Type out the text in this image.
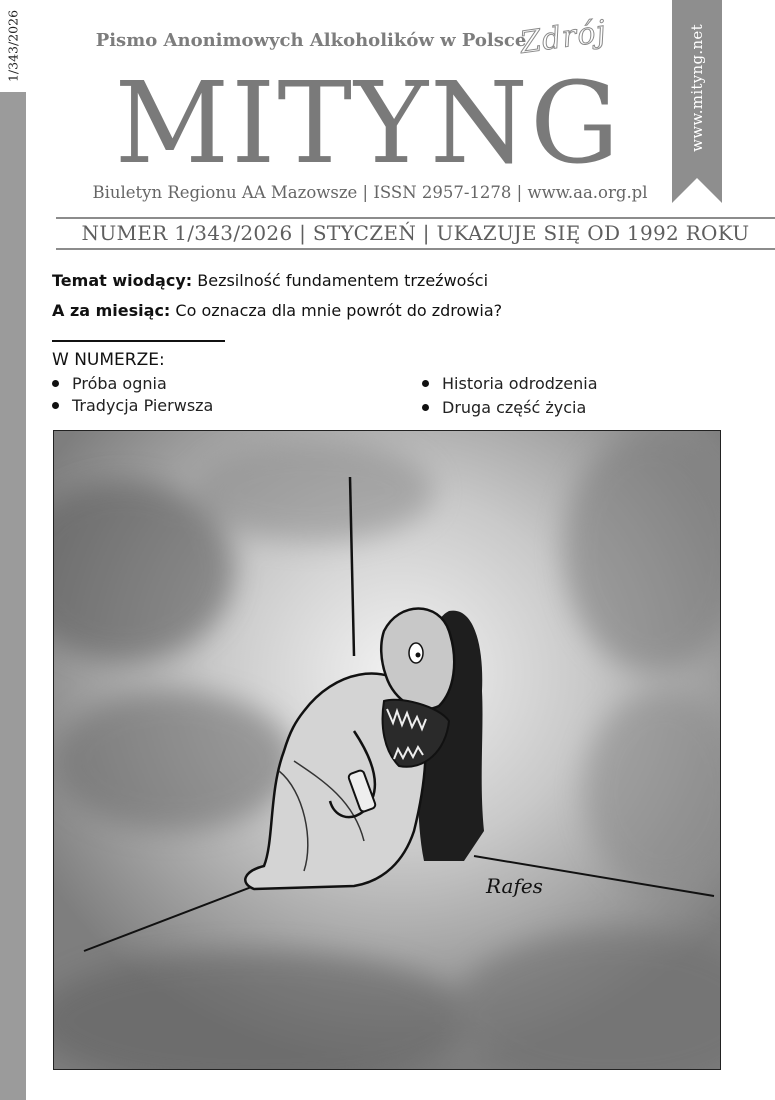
1/343/2026	www.mityng.net
Pismo Anonimowych Alkoholików w Polsce
Zdrój
MITYNG
Biuletyn Regionu AA Mazowsze | ISSN 2957-1278 | www.aa.org.pl
NUMER 1/343/2026 | STYCZEŃ | UKAZUJE SIĘ OD 1992 ROKU
Temat wiodący: Bezsilność fundamentem trzeźwości
A za miesiąc: Co oznacza dla mnie powrót do zdrowia?
W NUMERZE:
Próba ognia
Tradycja Pierwsza
Historia odrodzenia
Druga część życia
Rafes
